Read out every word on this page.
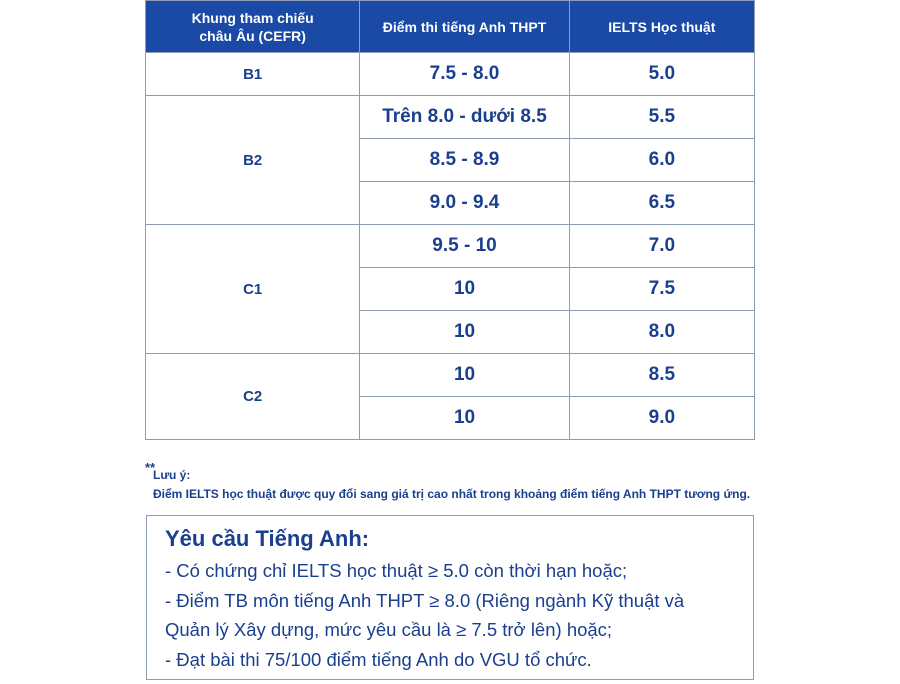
Khung tham chiếu
châu Âu (CEFR)	Điểm thi tiếng Anh THPT	IELTS Học thuật
B1	7.5 - 8.0	5.0
B2	Trên 8.0 - dưới 8.5	5.5
	8.5 - 8.9	6.0
	9.0 - 9.4	6.5
C1	9.5 - 10	7.0
	10	7.5
	10	8.0
C2	10	8.5
	10	9.0
**
Lưu ý:
Điểm IELTS học thuật được quy đổi sang giá trị cao nhất trong khoảng điểm tiếng Anh THPT tương ứng.
Yêu cầu Tiếng Anh:
- Có chứng chỉ IELTS học thuật ≥ 5.0 còn thời hạn hoặc;
- Điểm TB môn tiếng Anh THPT ≥ 8.0 (Riêng ngành Kỹ thuật và
Quản lý Xây dựng, mức yêu cầu là ≥ 7.5 trở lên) hoặc;
- Đạt bài thi 75/100 điểm tiếng Anh do VGU tổ chức.
